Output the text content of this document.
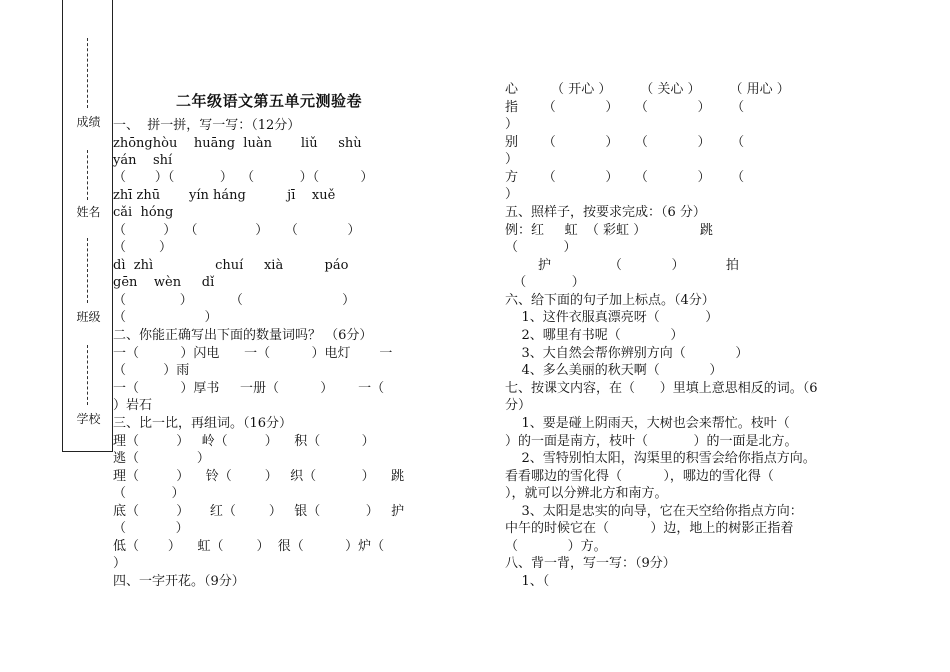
成绩
姓名
班级
学校
二年级语文第五单元测验卷
一、  拼一拼，写一写：（12分）
zhōnghòu    huāng  luàn       liǔ     shù
yán    shí
（       ）（           ）  （           ）（          ）
zhī zhū       yín háng          jī    xuě
cǎi  hóng
（         ）  （              ）    （            ）
（        ）
dì  zhì               chuí     xià          páo
gēn    wèn     dǐ
（             ）         （                        ）
（                   ）
二、你能正确写出下面的数量词吗？ （6分）
一（          ）闪电      一（          ）电灯       一
（         ）雨
一（          ）厚书     一册（          ）      一（
）岩石
三、比一比，再组词。（16分）
理（         ）   岭（         ）    积（          ）
逃（              ）
理（         ）    铃（        ）   织（           ）    跳
（           ）
底（         ）     红（        ）   银（           ）   护
（            ）
低（       ）    虹（        ）  很（          ）炉（
）
四、一字开花。（9分）
心        （ 开心 ）       （ 关心 ）       （ 用心 ）
指      （            ）    （            ）     （
）
别      （            ）    （            ）     （
）
方      （            ）    （            ）     （
）
五、照样子，按要求完成：（6 分）
例：红     虹  （ 彩虹 ）             跳
（           ）
护              （            ）          拍
（           ）
六、给下面的句子加上标点。（4分）
1、这件衣服真漂亮呀（           ）
2、哪里有书呢（            ）
3、大自然会帮你辨别方向（            ）
4、多么美丽的秋天啊（            ）
七、按课文内容，在（      ）里填上意思相反的词。（6
分）
1、要是碰上阴雨天，大树也会来帮忙。枝叶（
）的一面是南方，枝叶（           ）的一面是北方。
2、雪特别怕太阳，沟渠里的积雪会给你指点方向。
看看哪边的雪化得（          ），哪边的雪化得（
），就可以分辨北方和南方。
3、太阳是忠实的向导，它在天空给你指点方向：
中午的时候它在（          ）边，地上的树影正指着
（            ）方。
八、背一背，写一写：（9分）
1、（
